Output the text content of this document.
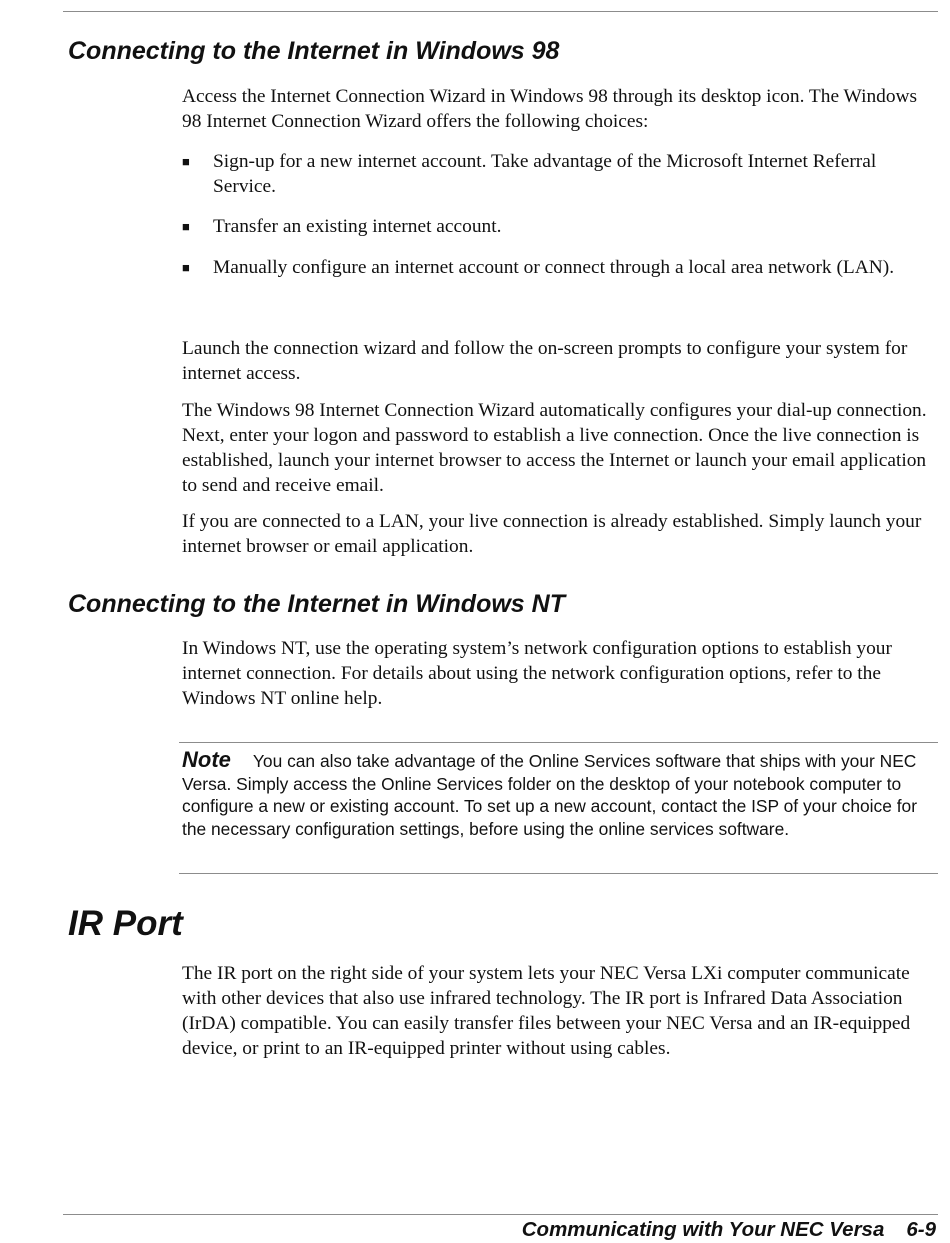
Connecting to the Internet in Windows 98

Access the Internet Connection Wizard in Windows 98 through its desktop icon. The Windows 98 Internet Connection Wizard offers the following choices:

■ Sign-up for a new internet account. Take advantage of the Microsoft Internet Referral Service.
■ Transfer an existing internet account.
■ Manually configure an internet account or connect through a local area network (LAN).

Launch the connection wizard and follow the on-screen prompts to configure your system for internet access.

The Windows 98 Internet Connection Wizard automatically configures your dial-up connection. Next, enter your logon and password to establish a live connection. Once the live connection is established, launch your internet browser to access the Internet or launch your email application to send and receive email.

If you are connected to a LAN, your live connection is already established. Simply launch your internet browser or email application.

Connecting to the Internet in Windows NT

In Windows NT, use the operating system’s network configuration options to establish your internet connection. For details about using the network configuration options, refer to the Windows NT online help.

Note You can also take advantage of the Online Services software that ships with your NEC Versa. Simply access the Online Services folder on the desktop of your notebook computer to configure a new or existing account. To set up a new account, contact the ISP of your choice for the necessary configuration settings, before using the online services software.
IR Port

The IR port on the right side of your system lets your NEC Versa LXi computer communicate with other devices that also use infrared technology. The IR port is Infrared Data Association (IrDA) compatible. You can easily transfer files between your NEC Versa and an IR-equipped device, or print to an IR-equipped printer without using cables.

Communicating with Your NEC Versa 6-9
